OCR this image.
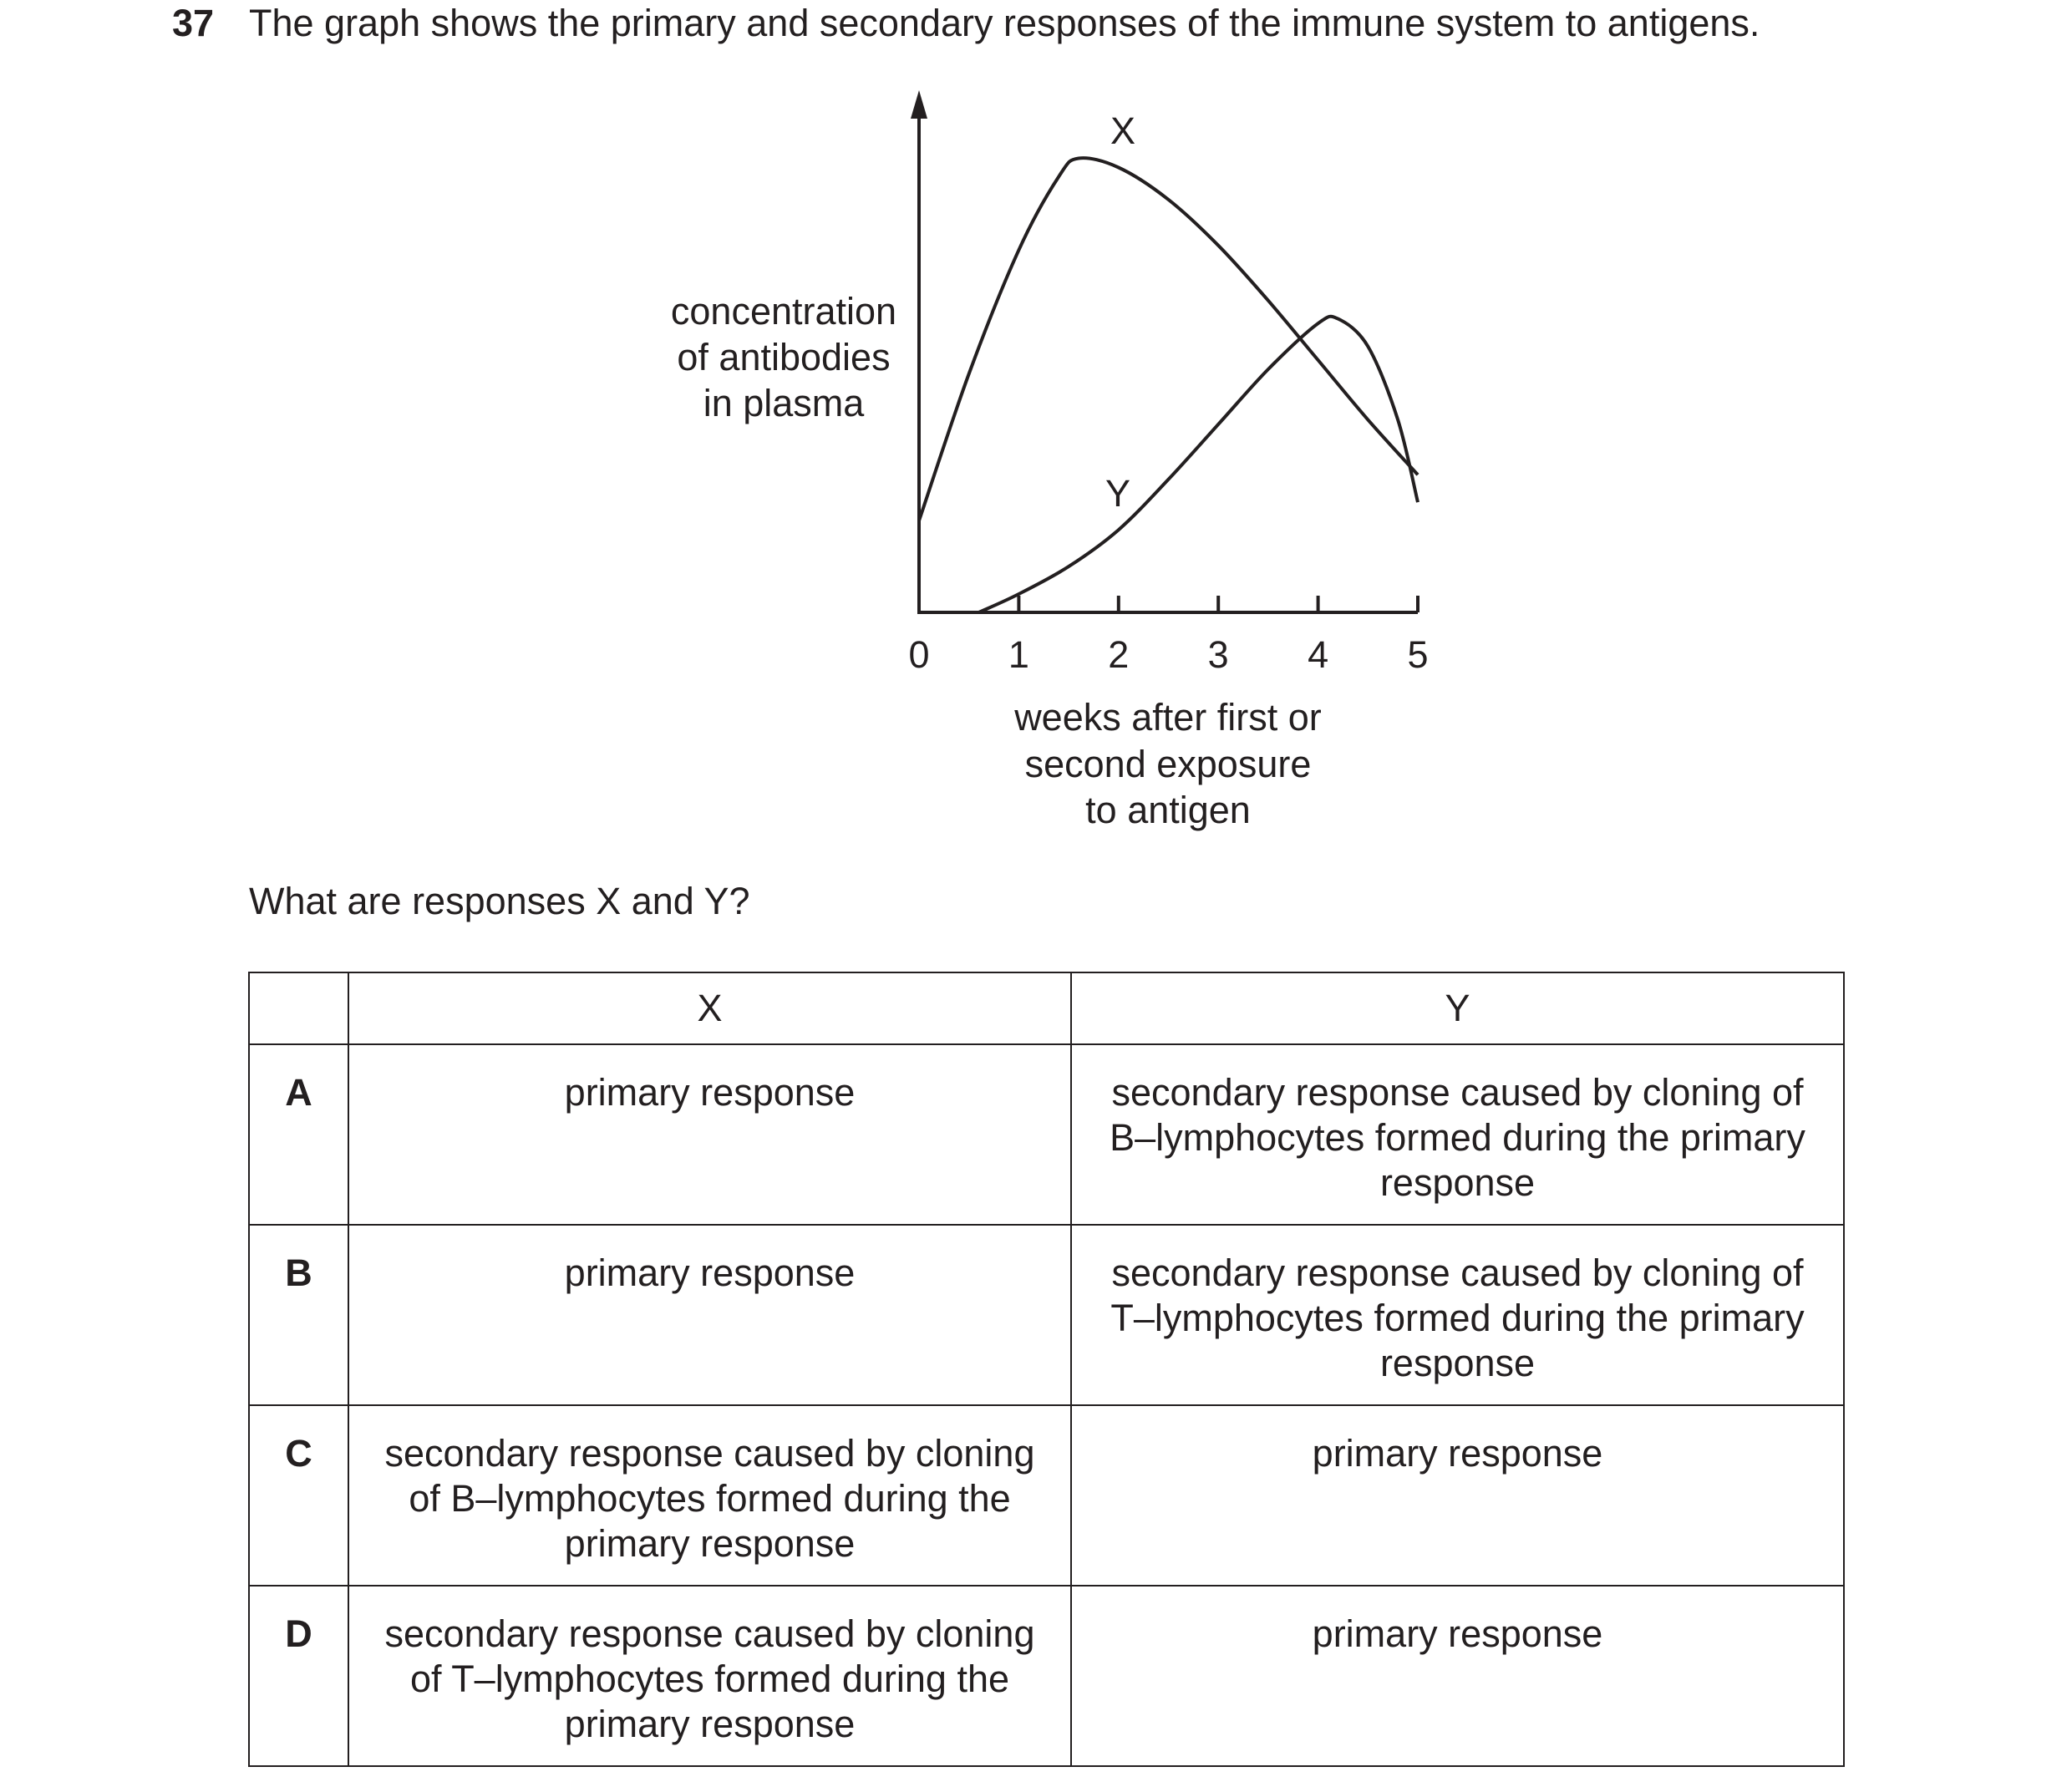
37 The graph shows the primary and secondary responses of the immune system to antigens.
concentration
of antibodies
in plasma
weeks after first or
second exposure
to antigen
0 1 2 3 4 5
X
Y
What are responses X and Y?
	X	Y

A	primary response	secondary response caused by cloning of
B–lymphocytes formed during the primary
response

B	primary response	secondary response caused by cloning of
T–lymphocytes formed during the primary
response

C	secondary response caused by cloning
of B–lymphocytes formed during the
primary response	primary response

D	secondary response caused by cloning
of T–lymphocytes formed during the
primary response	primary response
